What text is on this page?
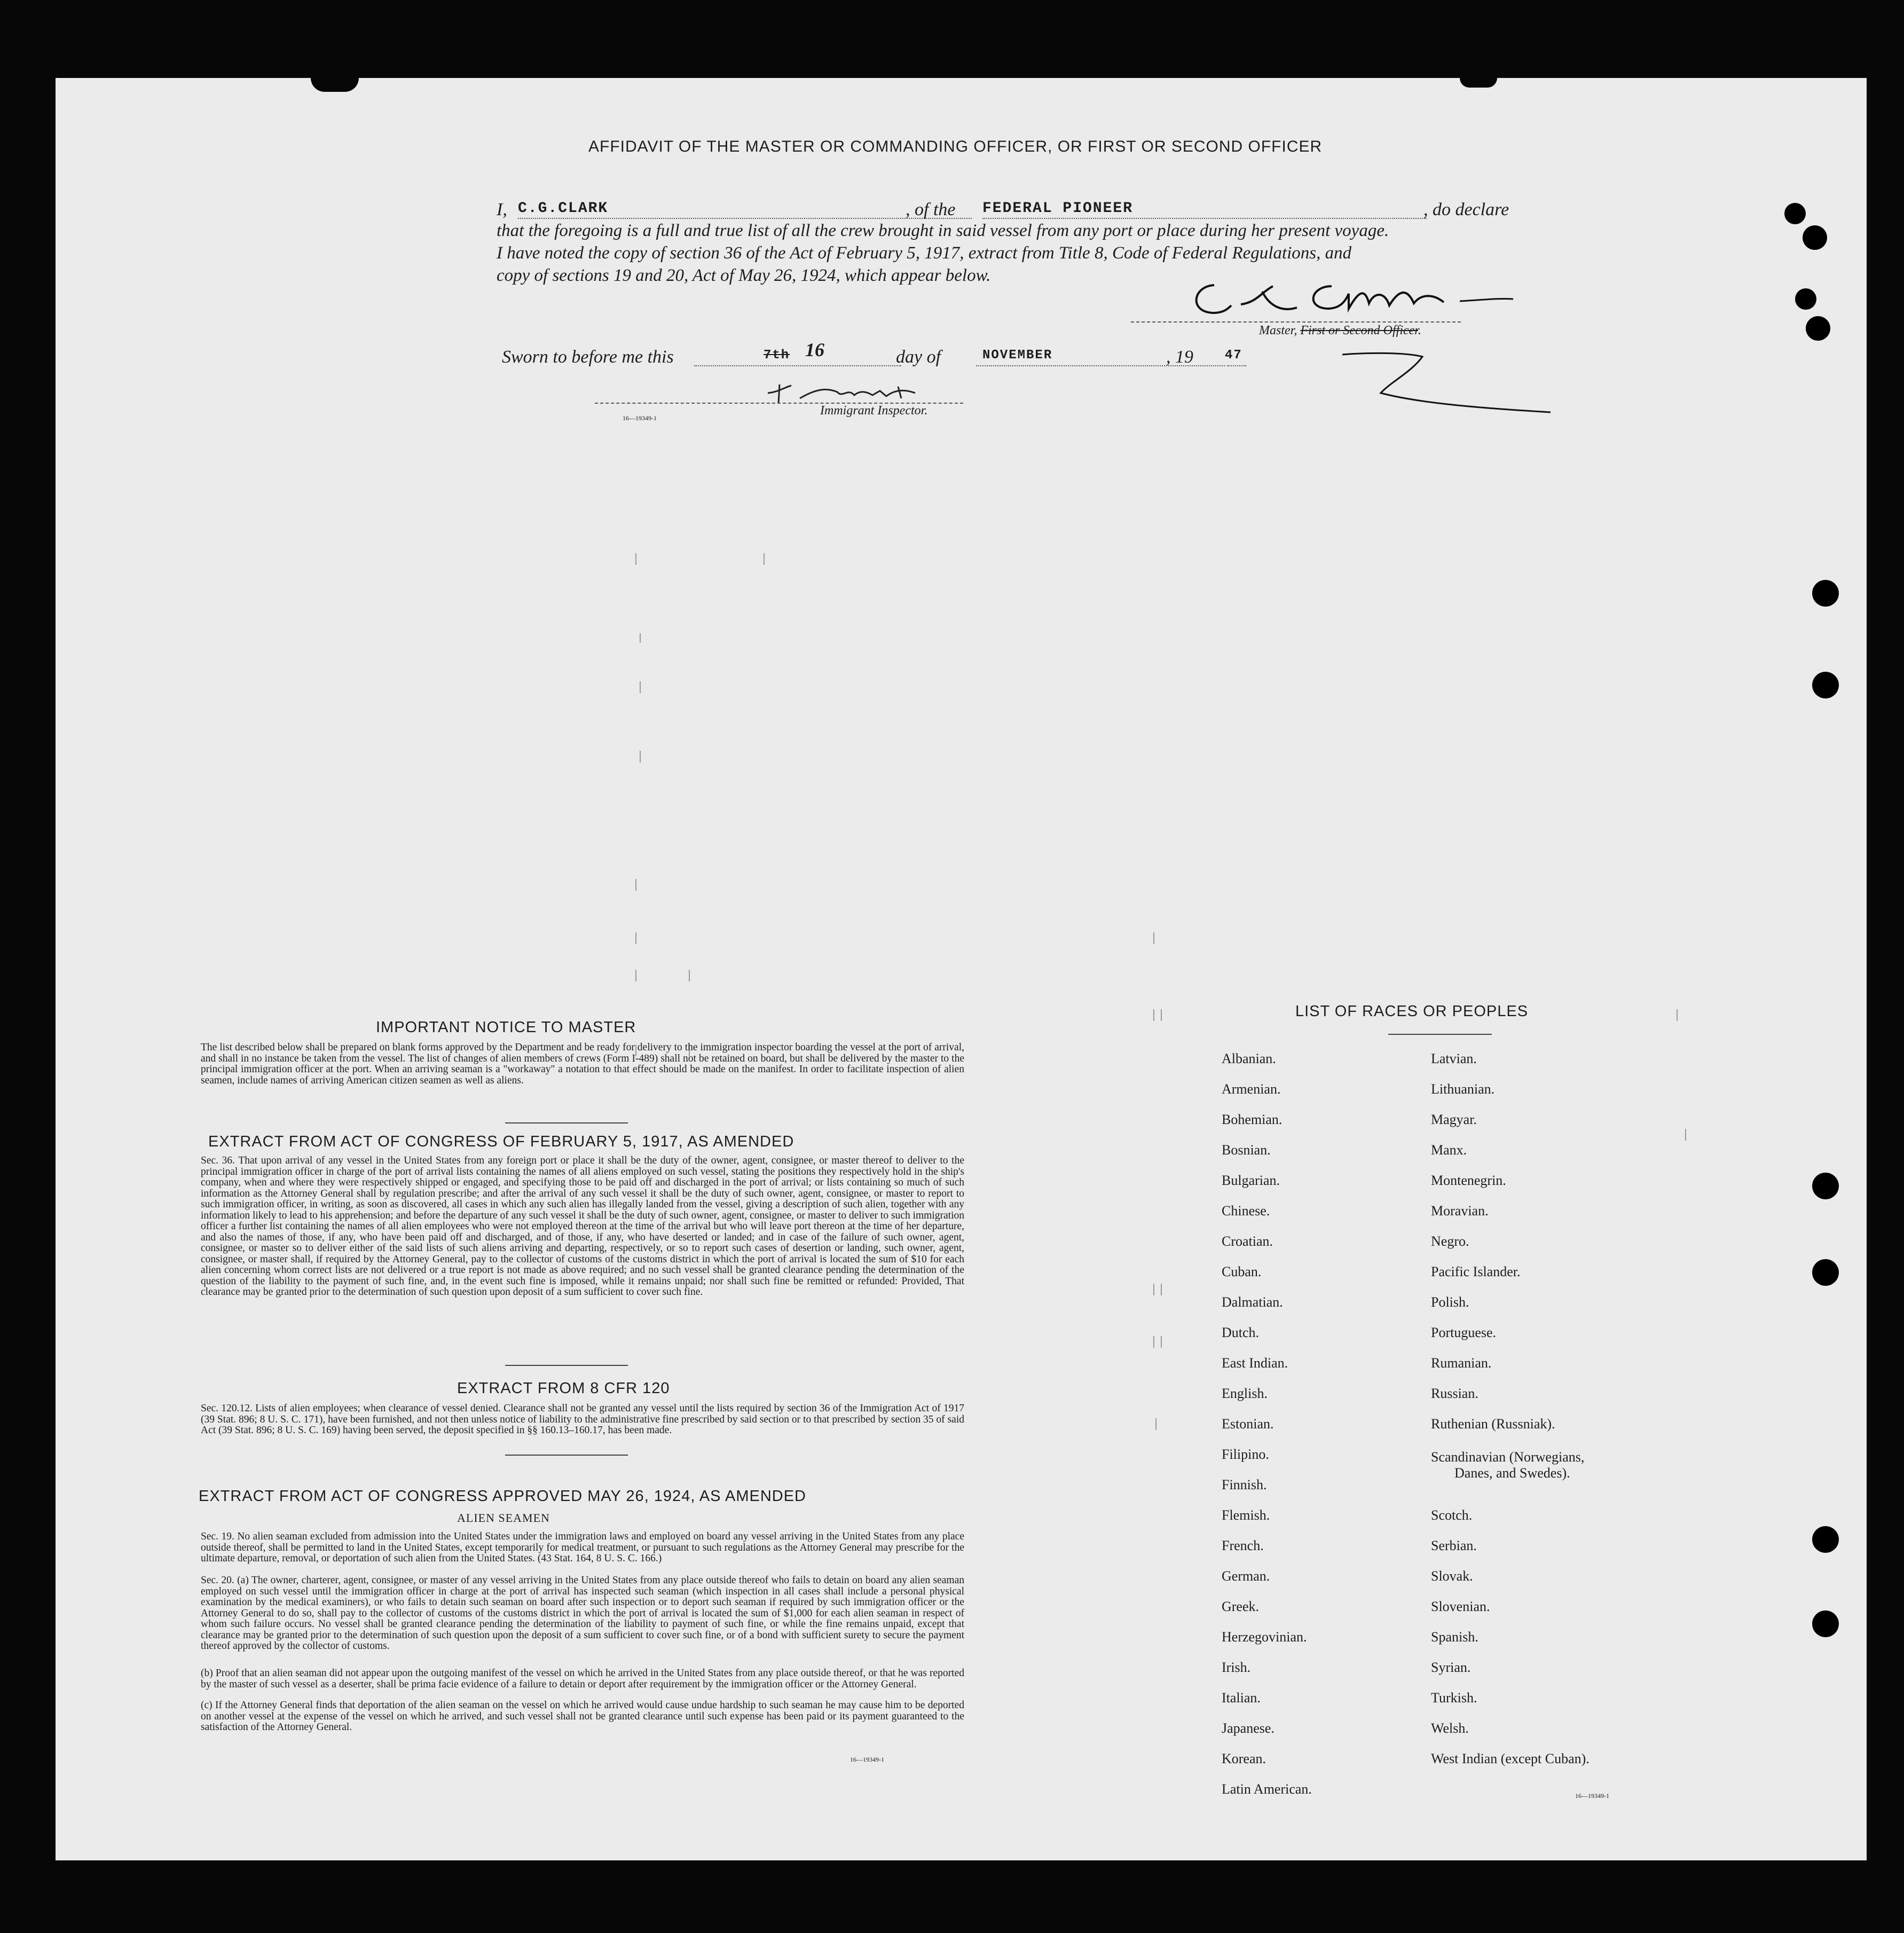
AFFIDAVIT OF THE MASTER OR COMMANDING OFFICER, OR FIRST OR SECOND OFFICER
I, C.G.CLARK	, of the FEDERAL PIONEER	, do declare
that the foregoing is a full and true list of all the crew brought in said vessel from any port or place during her present voyage.
I have noted the copy of section 36 of the Act of February 5, 1917, extract from Title 8, Code of Federal Regulations, and
copy of sections 19 and 20, Act of May 26, 1924, which appear below.
Master, First or Second Officer.
Sworn to before me this	7th 16	day of	NOVEMBER	, 19 47
Immigrant Inspector.
16—19349-1
IMPORTANT NOTICE TO MASTER
The list described below shall be prepared on blank forms approved by the Department and be ready for delivery to the immigration inspector boarding the vessel at the port of arrival, and shall in no instance be taken from the vessel. The list of changes of alien members of crews (Form I-489) shall not be retained on board, but shall be delivered by the master to the principal immigration officer at the port. When an arriving seaman is a "workaway" a notation to that effect should be made on the manifest. In order to facilitate inspection of alien seamen, include names of arriving American citizen seamen as well as aliens.
EXTRACT FROM ACT OF CONGRESS OF FEBRUARY 5, 1917, AS AMENDED
Sec. 36. That upon arrival of any vessel in the United States from any foreign port or place it shall be the duty of the owner, agent, consignee, or master thereof to deliver to the principal immigration officer in charge of the port of arrival lists containing the names of all aliens employed on such vessel, stating the positions they respectively hold in the ship's company, when and where they were respectively shipped or engaged, and specifying those to be paid off and discharged in the port of arrival; or lists containing so much of such information as the Attorney General shall by regulation prescribe; and after the arrival of any such vessel it shall be the duty of such owner, agent, consignee, or master to report to such immigration officer, in writing, as soon as discovered, all cases in which any such alien has illegally landed from the vessel, giving a description of such alien, together with any information likely to lead to his apprehension; and before the departure of any such vessel it shall be the duty of such owner, agent, consignee, or master to deliver to such immigration officer a further list containing the names of all alien employees who were not employed thereon at the time of the arrival but who will leave port thereon at the time of her departure, and also the names of those, if any, who have been paid off and discharged, and of those, if any, who have deserted or landed; and in case of the failure of such owner, agent, consignee, or master so to deliver either of the said lists of such aliens arriving and departing, respectively, or so to report such cases of desertion or landing, such owner, agent, consignee, or master shall, if required by the Attorney General, pay to the collector of customs of the customs district in which the port of arrival is located the sum of $10 for each alien concerning whom correct lists are not delivered or a true report is not made as above required; and no such vessel shall be granted clearance pending the determination of the question of the liability to the payment of such fine, and, in the event such fine is imposed, while it remains unpaid; nor shall such fine be remitted or refunded: Provided, That clearance may be granted prior to the determination of such question upon deposit of a sum sufficient to cover such fine.
EXTRACT FROM 8 CFR 120
Sec. 120.12. Lists of alien employees; when clearance of vessel denied. Clearance shall not be granted any vessel until the lists required by section 36 of the Immigration Act of 1917 (39 Stat. 896; 8 U. S. C. 171), have been furnished, and not then unless notice of liability to the administrative fine prescribed by said section or to that prescribed by section 35 of said Act (39 Stat. 896; 8 U. S. C. 169) having been served, the deposit specified in §§ 160.13–160.17, has been made.
EXTRACT FROM ACT OF CONGRESS APPROVED MAY 26, 1924, AS AMENDED
ALIEN SEAMEN
Sec. 19. No alien seaman excluded from admission into the United States under the immigration laws and employed on board any vessel arriving in the United States from any place outside thereof, shall be permitted to land in the United States, except temporarily for medical treatment, or pursuant to such regulations as the Attorney General may prescribe for the ultimate departure, removal, or deportation of such alien from the United States. (43 Stat. 164, 8 U. S. C. 166.)
Sec. 20. (a) The owner, charterer, agent, consignee, or master of any vessel arriving in the United States from any place outside thereof who fails to detain on board any alien seaman employed on such vessel until the immigration officer in charge at the port of arrival has inspected such seaman (which inspection in all cases shall include a personal physical examination by the medical examiners), or who fails to detain such seaman on board after such inspection or to deport such seaman if required by such immigration officer or the Attorney General to do so, shall pay to the collector of customs of the customs district in which the port of arrival is located the sum of $1,000 for each alien seaman in respect of whom such failure occurs. No vessel shall be granted clearance pending the determination of the liability to payment of such fine, or while the fine remains unpaid, except that clearance may be granted prior to the determination of such question upon the deposit of a sum sufficient to cover such fine, or of a bond with sufficient surety to secure the payment thereof approved by the collector of customs.
(b) Proof that an alien seaman did not appear upon the outgoing manifest of the vessel on which he arrived in the United States from any place outside thereof, or that he was reported by the master of such vessel as a deserter, shall be prima facie evidence of a failure to detain or deport after requirement by the immigration officer or the Attorney General.
(c) If the Attorney General finds that deportation of the alien seaman on the vessel on which he arrived would cause undue hardship to such seaman he may cause him to be deported on another vessel at the expense of the vessel on which he arrived, and such vessel shall not be granted clearance until such expense has been paid or its payment guaranteed to the satisfaction of the Attorney General.
16—19349-1
LIST OF RACES OR PEOPLES
Albanian.
Armenian.
Bohemian.
Bosnian.
Bulgarian.
Chinese.
Croatian.
Cuban.
Dalmatian.
Dutch.
East Indian.
English.
Estonian.
Filipino.
Finnish.
Flemish.
French.
German.
Greek.
Herzegovinian.
Irish.
Italian.
Japanese.
Korean.
Latin American.
Latvian.
Lithuanian.
Magyar.
Manx.
Montenegrin.
Moravian.
Negro.
Pacific Islander.
Polish.
Portuguese.
Rumanian.
Russian.
Ruthenian (Russniak).
Scandinavian (Norwegians,
Danes, and Swedes).
Scotch.
Serbian.
Slovak.
Slovenian.
Spanish.
Syrian.
Turkish.
Welsh.
West Indian (except Cuban).
16—19349-1
